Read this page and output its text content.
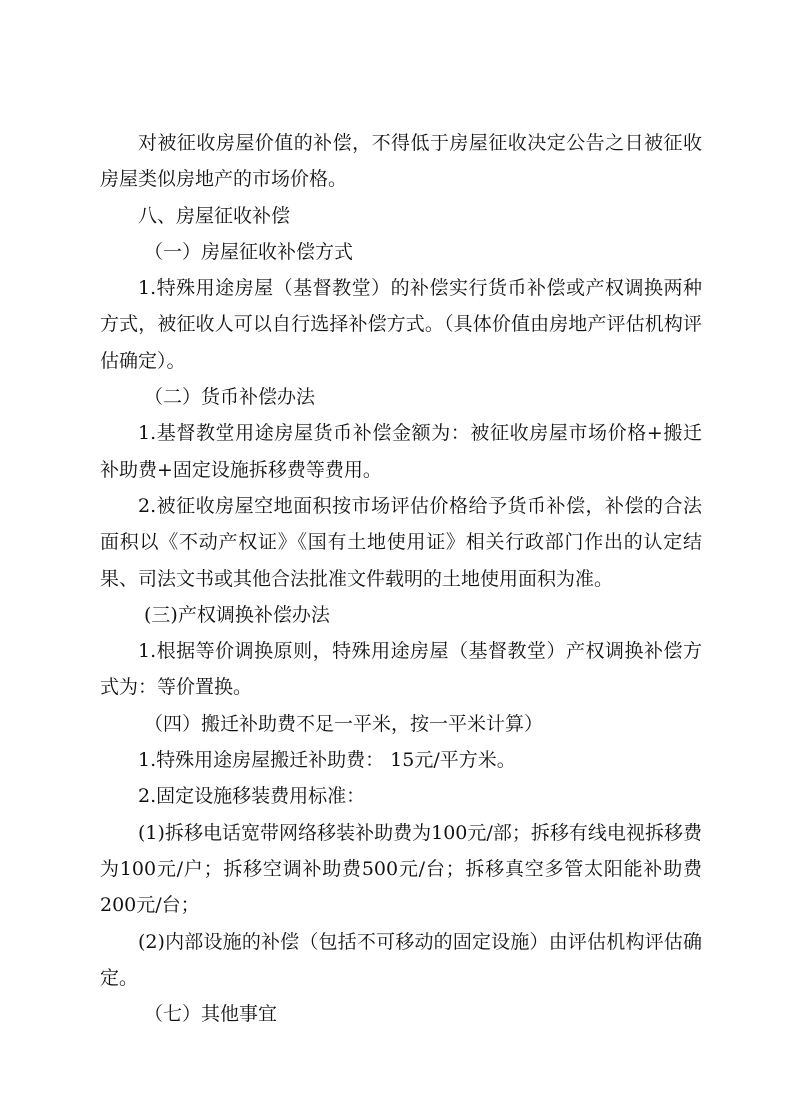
对被征收房屋价值的补偿，不得低于房屋征收决定公告之日被征收房屋类似房地产的市场价格。

八、房屋征收补偿

（一）房屋征收补偿方式

1.特殊用途房屋（基督教堂）的补偿实行货币补偿或产权调换两种方式，被征收人可以自行选择补偿方式。（具体价值由房地产评估机构评估确定）。

（二）货币补偿办法

1.基督教堂用途房屋货币补偿金额为：被征收房屋市场价格+搬迁补助费+固定设施拆移费等费用。

2.被征收房屋空地面积按市场评估价格给予货币补偿，补偿的合法面积以《不动产权证》《国有土地使用证》相关行政部门作出的认定结果、司法文书或其他合法批准文件载明的土地使用面积为准。

(三)产权调换补偿办法

1.根据等价调换原则，特殊用途房屋（基督教堂）产权调换补偿方式为：等价置换。

（四）搬迁补助费不足一平米，按一平米计算）

1.特殊用途房屋搬迁补助费： 15元/平方米。

2.固定设施移装费用标准：

(1)拆移电话宽带网络移装补助费为100元/部；拆移有线电视拆移费为100元/户；拆移空调补助费500元/台；拆移真空多管太阳能补助费200元/台；

(2)内部设施的补偿（包括不可移动的固定设施）由评估机构评估确定。

（七）其他事宜
